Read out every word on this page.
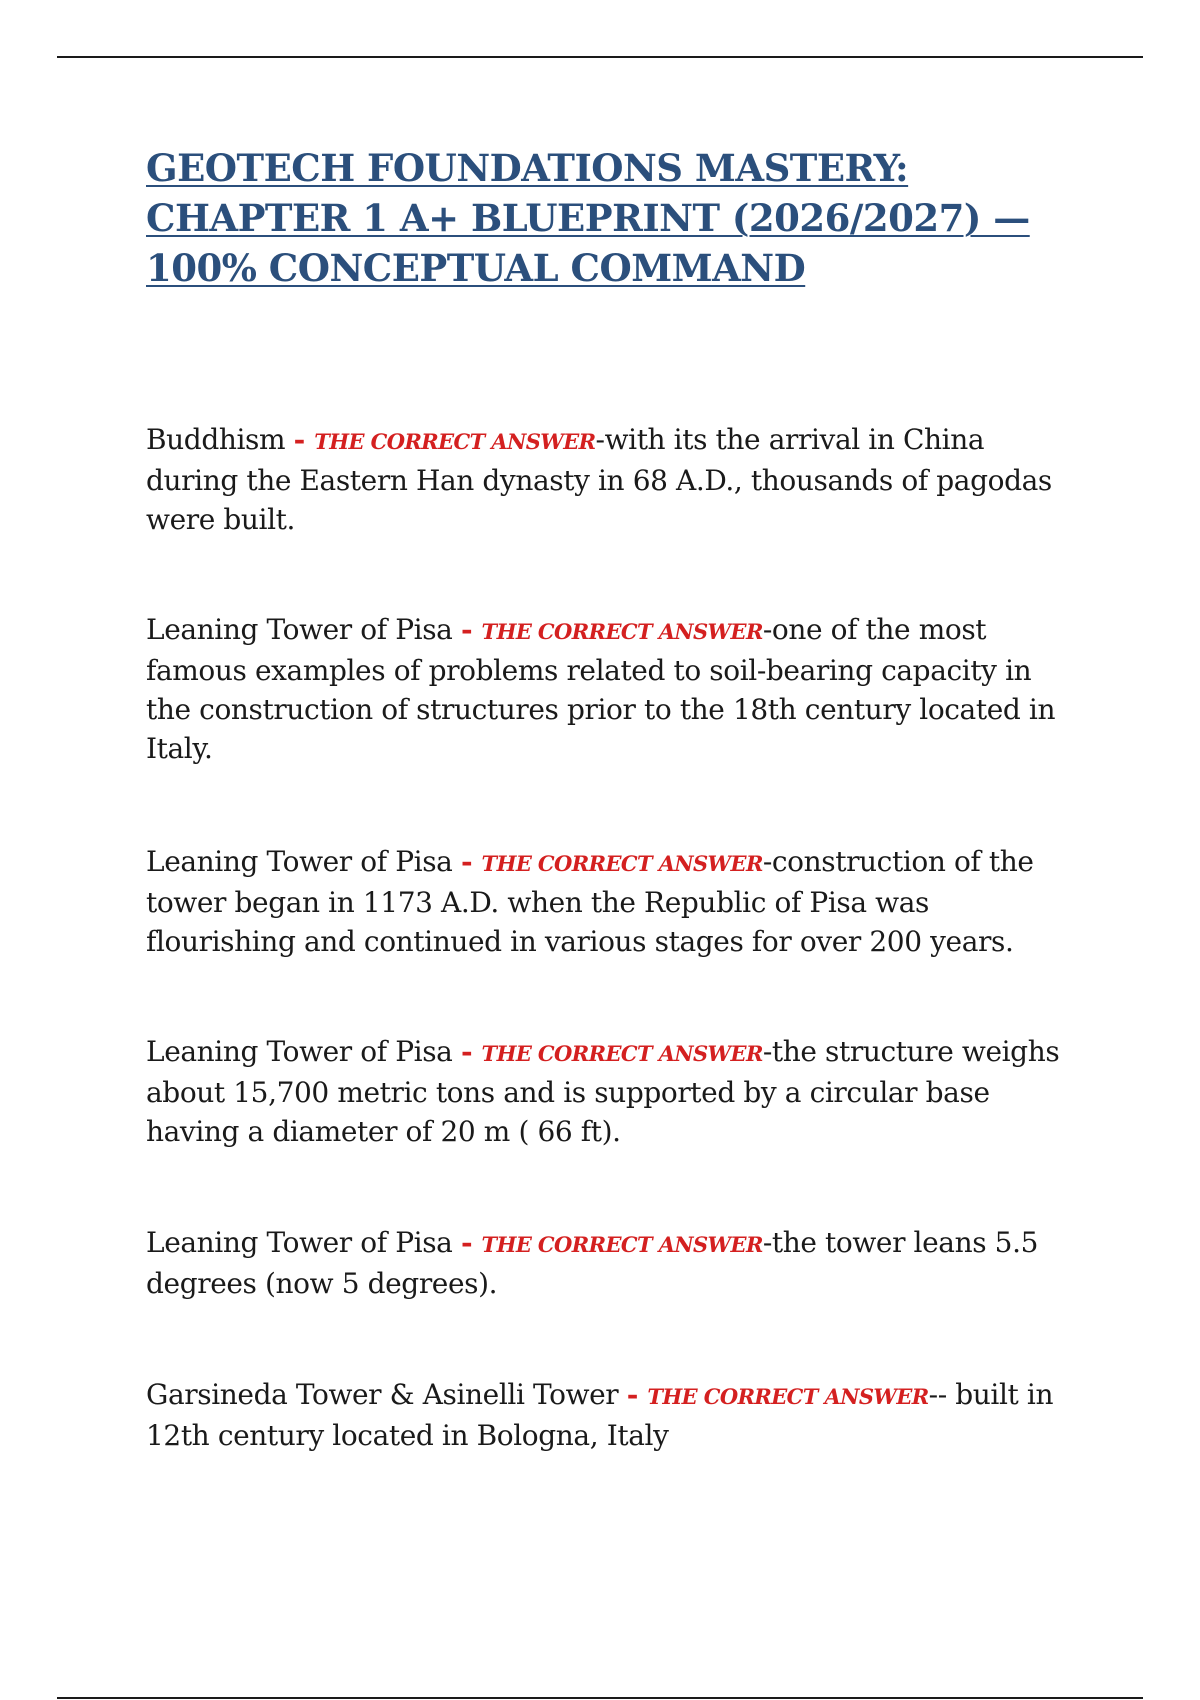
GEOTECH FOUNDATIONS MASTERY:
CHAPTER 1 A+ BLUEPRINT (2026/2027) —
100% CONCEPTUAL COMMAND

Buddhism - THE CORRECT ANSWER-with its the arrival in China during the Eastern Han dynasty in 68 A.D., thousands of pagodas were built.

Leaning Tower of Pisa - THE CORRECT ANSWER-one of the most famous examples of problems related to soil-bearing capacity in the construction of structures prior to the 18th century located in Italy.

Leaning Tower of Pisa - THE CORRECT ANSWER-construction of the tower began in 1173 A.D. when the Republic of Pisa was flourishing and continued in various stages for over 200 years.

Leaning Tower of Pisa - THE CORRECT ANSWER-the structure weighs about 15,700 metric tons and is supported by a circular base having a diameter of 20 m ( 66 ft).

Leaning Tower of Pisa - THE CORRECT ANSWER-the tower leans 5.5 degrees (now 5 degrees).

Garsineda Tower & Asinelli Tower - THE CORRECT ANSWER-- built in 12th century located in Bologna, Italy
